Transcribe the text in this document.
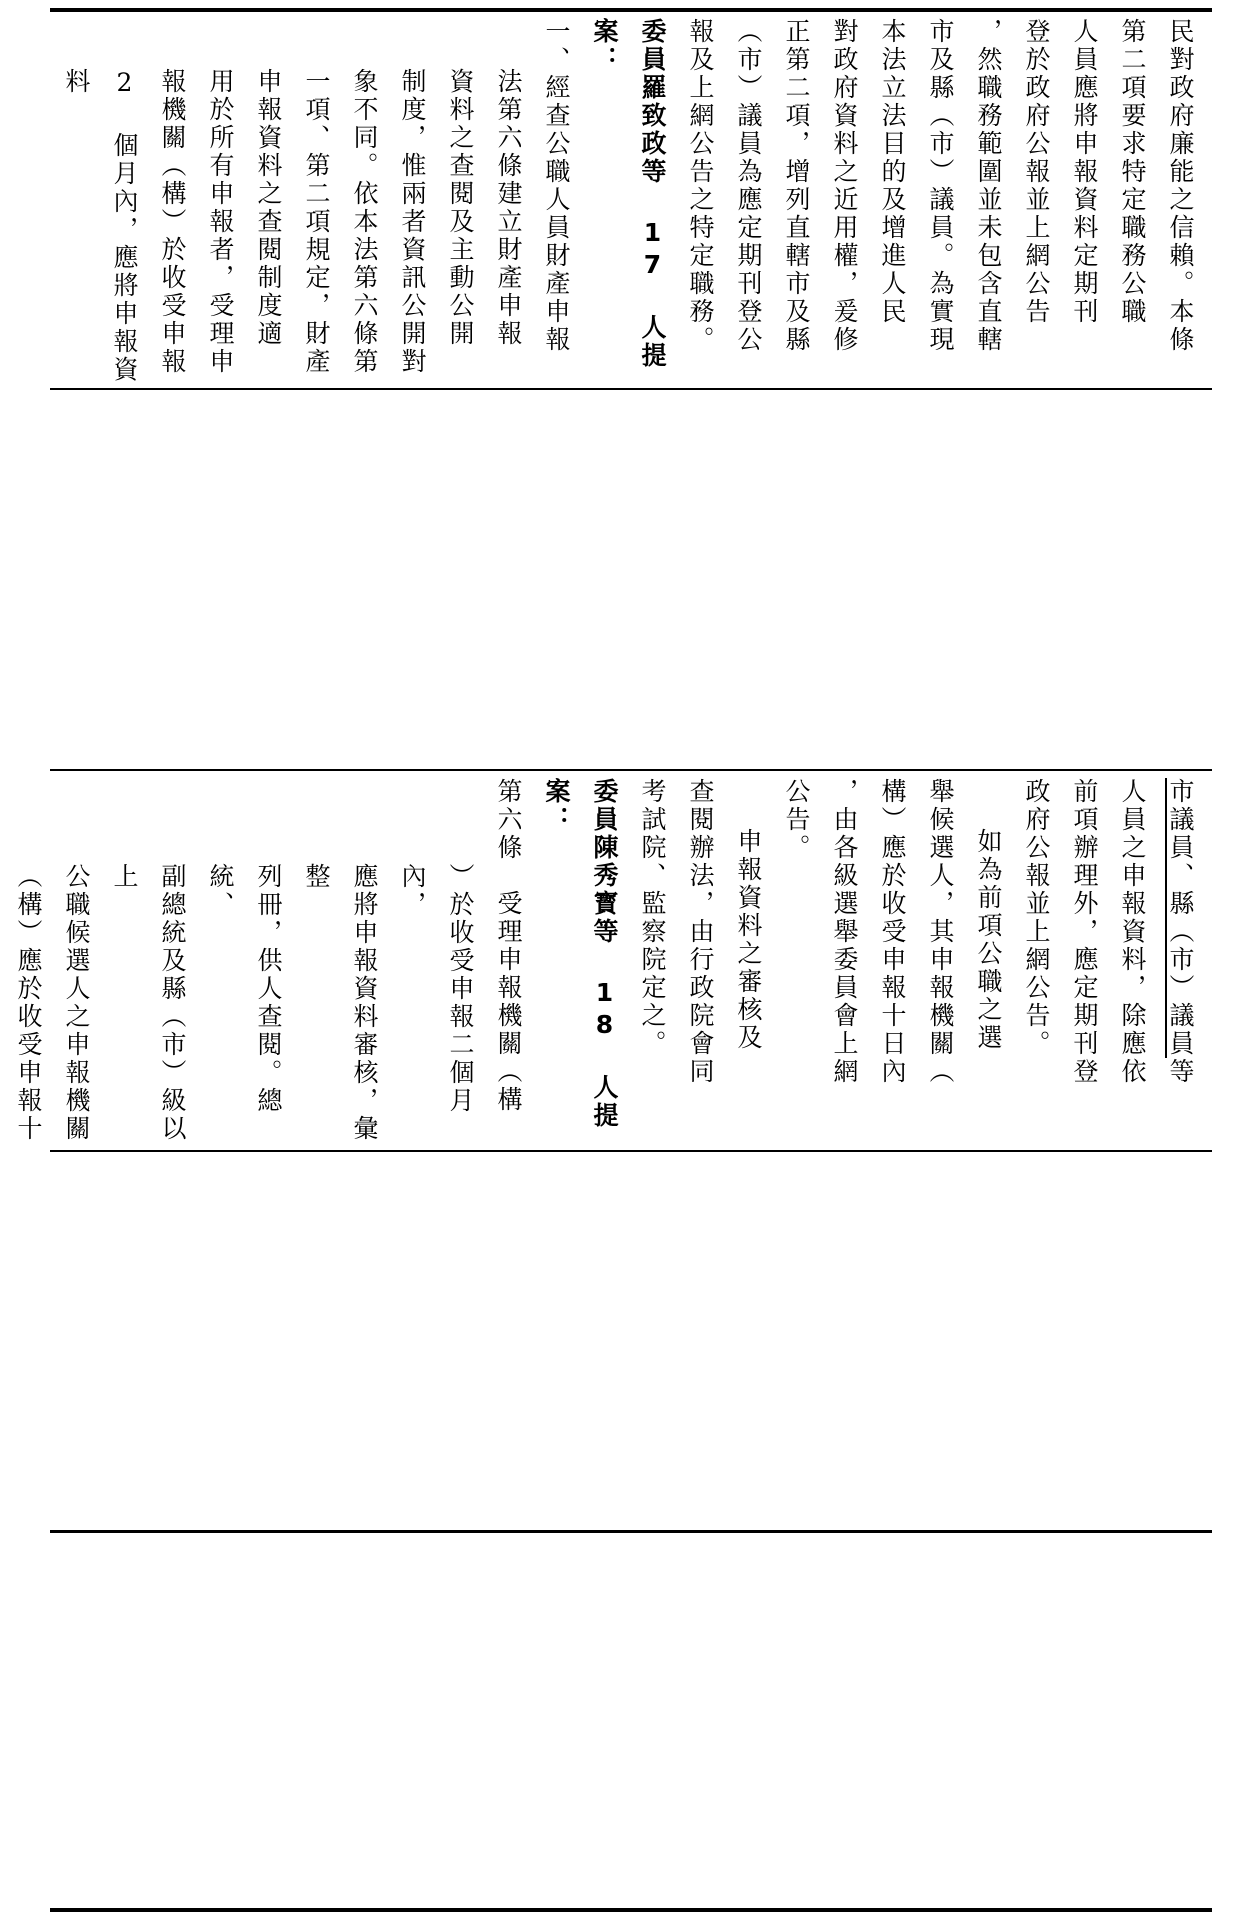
民對政府廉能之信賴。本條

第二項要求特定職務公職

人員應將申報資料定期刊

登於政府公報並上網公告

，然職務範圍並未包含直轄

市及縣（市）議員。為實現

本法立法目的及增進人民

對政府資料之近用權，爰修

正第二項，增列直轄市及縣

（市）議員為應定期刊登公

報及上網公告之特定職務。

委員羅致政等 17 人提案：

一、經查公職人員財產申報

法第六條建立財產申報

資料之查閱及主動公開

制度，惟兩者資訊公開對

象不同。依本法第六條第

一項、第二項規定，財產

申報資料之查閱制度適

用於所有申報者，受理申

報機關（構）於收受申報

2 個月內，應將申報資料

市議員、縣（市）議員等

人員之申報資料，除應依

前項辦理外，應定期刊登

政府公報並上網公告。

如為前項公職之選

舉候選人，其申報機關（

構）應於收受申報十日內

，由各級選舉委員會上網

公告。

申報資料之審核及

查閱辦法，由行政院會同

考試院、監察院定之。

委員陳秀寳等 18 人提案：

第六條　受理申報機關（構

）於收受申報二個月內，

應將申報資料審核，彙整

列冊，供人查閱。總統、

副總統及縣（市）級以上

公職候選人之申報機關

（構）應於收受申報十
